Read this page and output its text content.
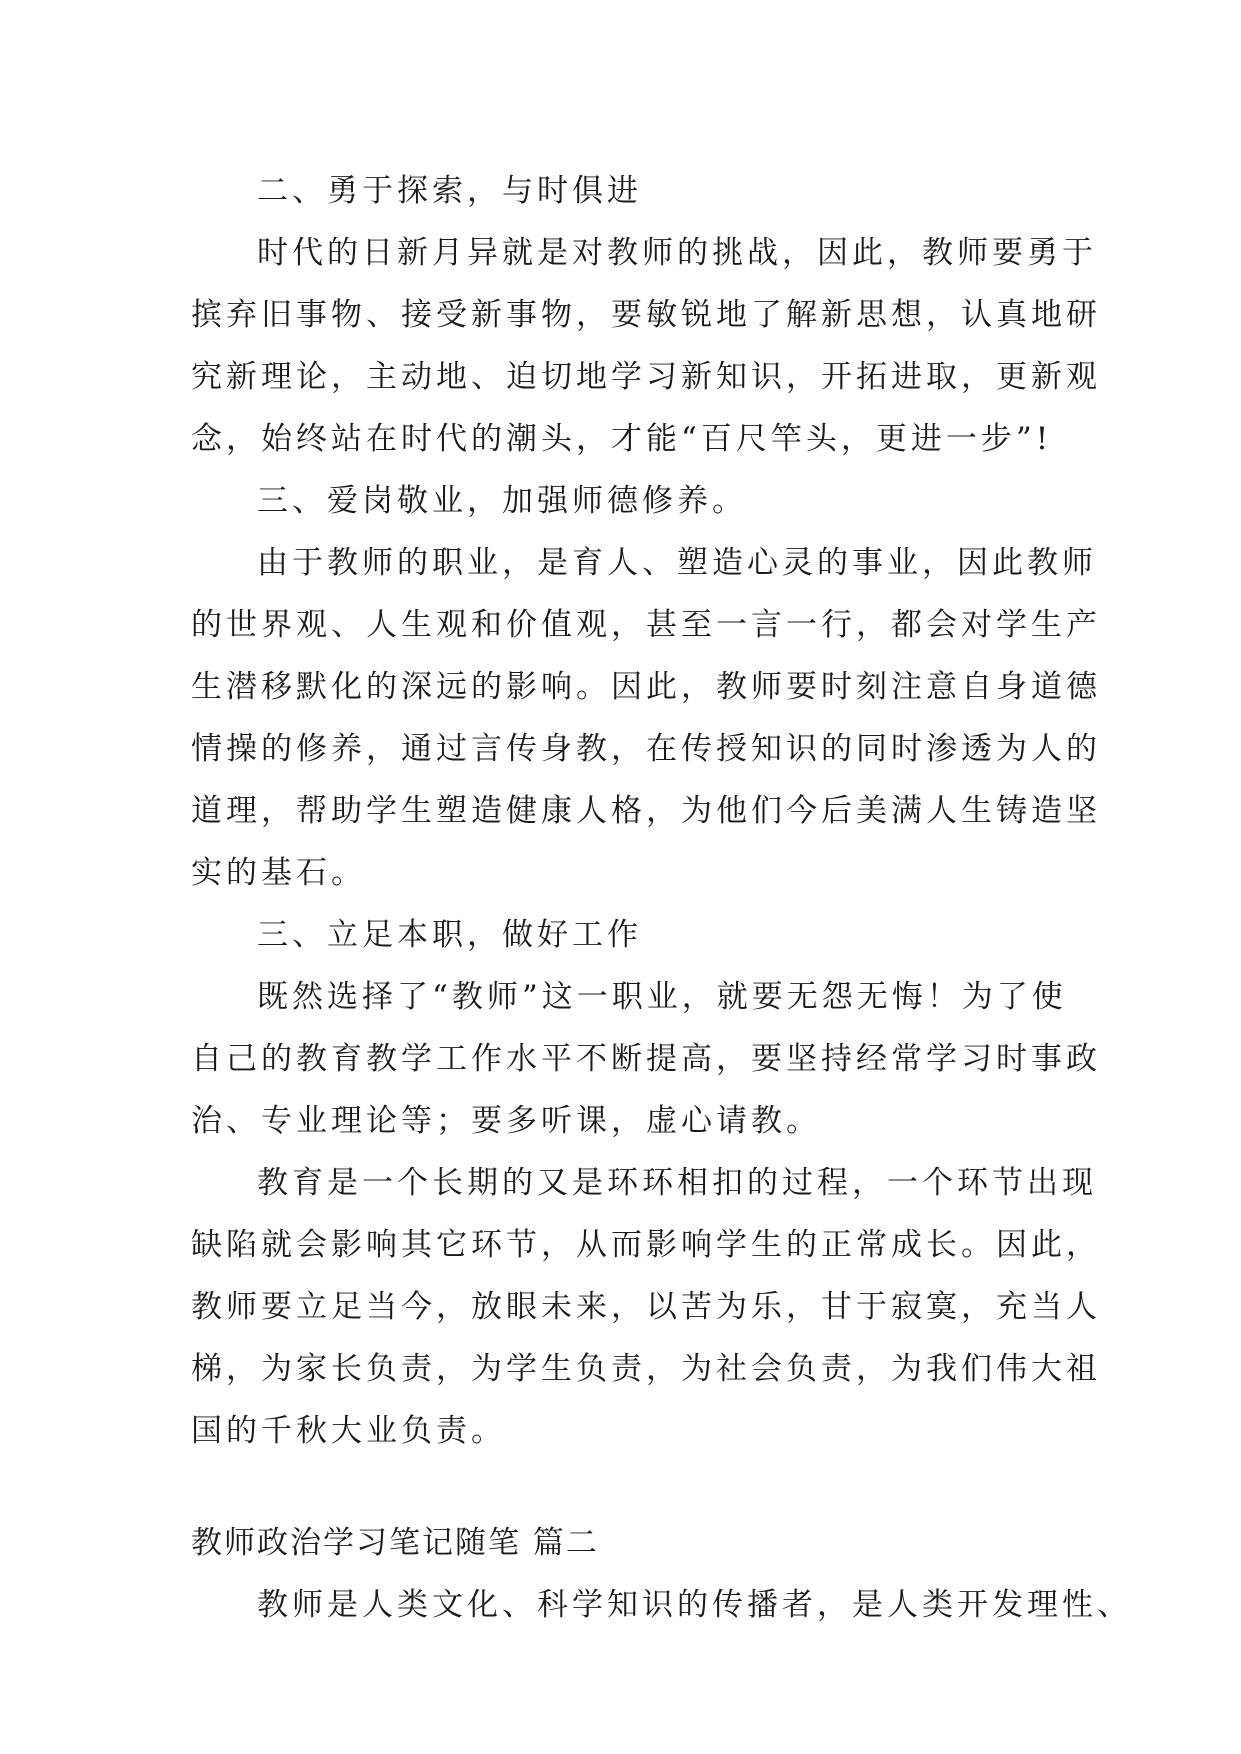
二、勇于探索，与时俱进
时代的日新月异就是对教师的挑战，因此，教师要勇于
摈弃旧事物、接受新事物，要敏锐地了解新思想，认真地研
究新理论，主动地、迫切地学习新知识，开拓进取，更新观
念，始终站在时代的潮头，才能“百尺竿头，更进一步”!
三、爱岗敬业，加强师德修养。
由于教师的职业，是育人、塑造心灵的事业，因此教师
的世界观、人生观和价值观，甚至一言一行，都会对学生产
生潜移默化的深远的影响。因此，教师要时刻注意自身道德
情操的修养，通过言传身教，在传授知识的同时渗透为人的
道理，帮助学生塑造健康人格，为他们今后美满人生铸造坚
实的基石。
三、立足本职，做好工作
既然选择了“教师”这一职业，就要无怨无悔！为了使
自己的教育教学工作水平不断提高，要坚持经常学习时事政
治、专业理论等；要多听课，虚心请教。
教育是一个长期的又是环环相扣的过程，一个环节出现
缺陷就会影响其它环节，从而影响学生的正常成长。因此，
教师要立足当今，放眼未来，以苦为乐，甘于寂寞，充当人
梯，为家长负责，为学生负责，为社会负责，为我们伟大祖
国的千秋大业负责。
教师政治学习笔记随笔 篇二
教师是人类文化、科学知识的传播者，是人类开发理性、
